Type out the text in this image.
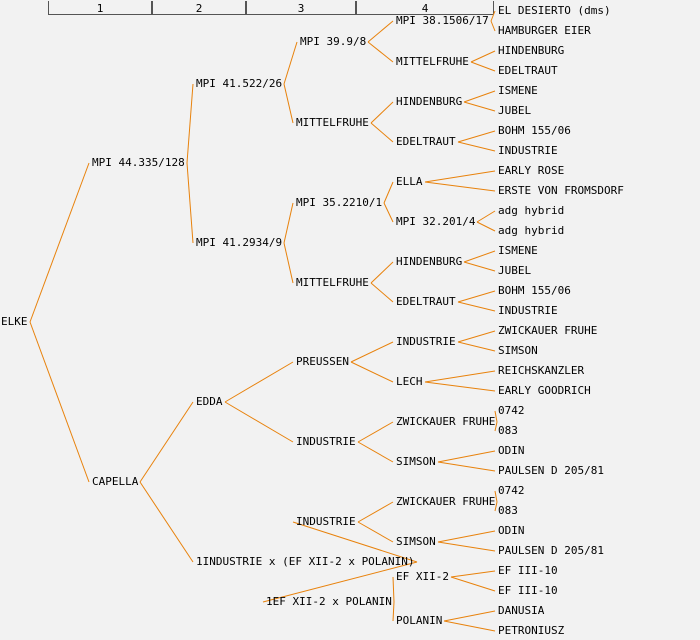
1	2	3	4
ELKE
MPI 44.335/128
CAPELLA
MPI 41.522/26
MPI 41.2934/9
EDDA
1INDUSTRIE x (EF XII-2 x POLANIN)
MPI 39.9/8
MITTELFRUHE
MPI 35.2210/1
MITTELFRUHE
PREUSSEN
INDUSTRIE
INDUSTRIE
1EF XII-2 x POLANIN
MPI 38.1506/17
MITTELFRUHE
HINDENBURG
EDELTRAUT
ELLA
MPI 32.201/4
HINDENBURG
EDELTRAUT
INDUSTRIE
LECH
ZWICKAUER FRUHE
SIMSON
ZWICKAUER FRUHE
SIMSON
EF XII-2
POLANIN
EL DESIERTO (dms)
HAMBURGER EIER
HINDENBURG
EDELTRAUT
ISMENE
JUBEL
BOHM 155/06
INDUSTRIE
EARLY ROSE
ERSTE VON FROMSDORF
adg hybrid
adg hybrid
ISMENE
JUBEL
BOHM 155/06
INDUSTRIE
ZWICKAUER FRUHE
SIMSON
REICHSKANZLER
EARLY GOODRICH
0742
083
ODIN
PAULSEN D 205/81
0742
083
ODIN
PAULSEN D 205/81
EF III-10
EF III-10
DANUSIA
PETRONIUSZ
